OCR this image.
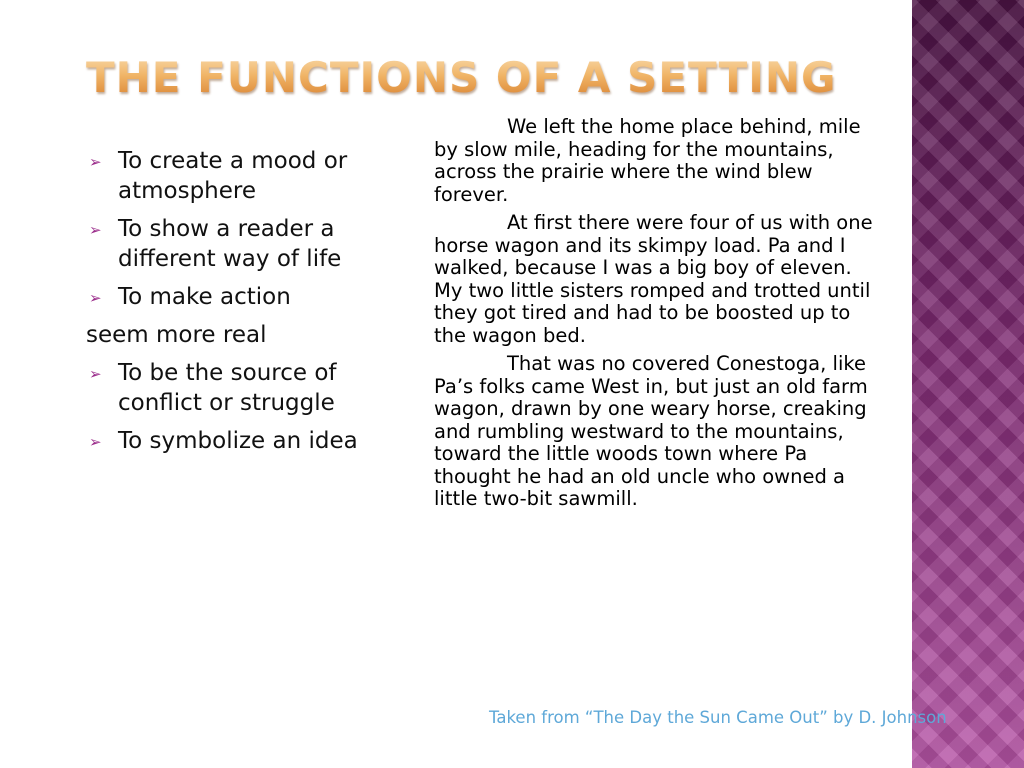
THE FUNCTIONS OF A SETTING
➢ To create a mood or atmosphere
➢ To show a reader a different way of life
➢ To make action
seem more real
➢ To be the source of conflict or struggle
➢ To symbolize an idea

We left the home place behind, mile by slow mile, heading for the mountains, across the prairie where the wind blew forever.

At first there were four of us with one horse wagon and its skimpy load. Pa and I walked, because I was a big boy of eleven. My two little sisters romped and trotted until they got tired and had to be boosted up to the wagon bed.

That was no covered Conestoga, like Pa’s folks came West in, but just an old farm wagon, drawn by one weary horse, creaking and rumbling westward to the mountains, toward the little woods town where Pa thought he had an old uncle who owned a little two-bit sawmill.

Taken from “The Day the Sun Came Out” by D. Johnson
